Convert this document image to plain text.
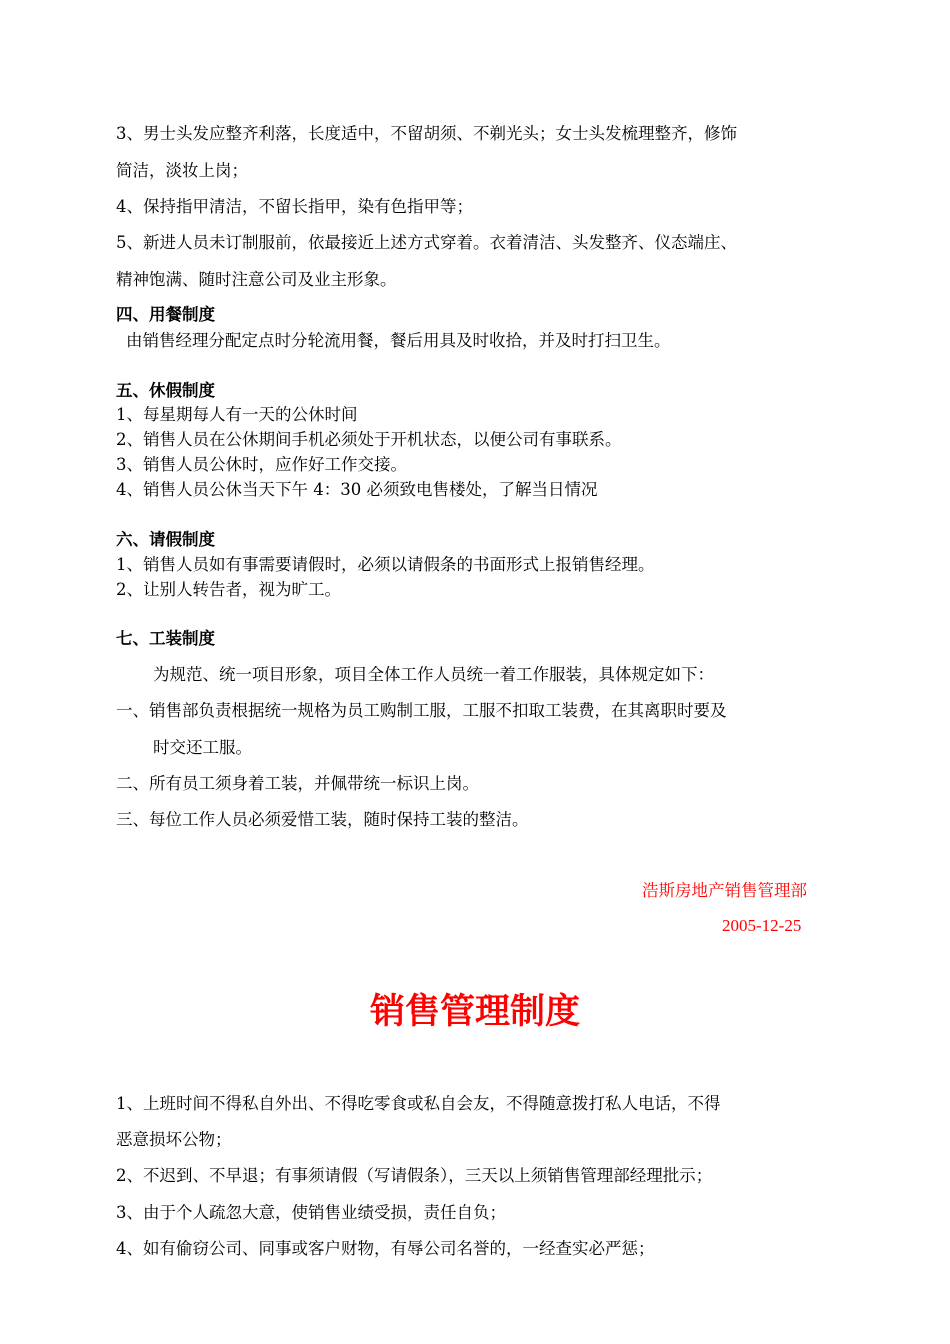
3、男士头发应整齐利落，长度适中，不留胡须、不剃光头；女士头发梳理整齐，修饰
简洁，淡妆上岗；
4、保持指甲清洁，不留长指甲，染有色指甲等；
5、新进人员未订制服前，依最接近上述方式穿着。衣着清洁、头发整齐、仪态端庄、
精神饱满、随时注意公司及业主形象。
四、用餐制度
由销售经理分配定点时分轮流用餐，餐后用具及时收拾，并及时打扫卫生。
五、休假制度
1、每星期每人有一天的公休时间
2、销售人员在公休期间手机必须处于开机状态，以便公司有事联系。
3、销售人员公休时，应作好工作交接。
4、销售人员公休当天下午 4：30 必须致电售楼处，了解当日情况
六、请假制度
1、销售人员如有事需要请假时，必须以请假条的书面形式上报销售经理。
2、让别人转告者，视为旷工。
七、工装制度
为规范、统一项目形象，项目全体工作人员统一着工作服装，具体规定如下：
一、销售部负责根据统一规格为员工购制工服，工服不扣取工装费，在其离职时要及
时交还工服。
二、所有员工须身着工装，并佩带统一标识上岗。
三、每位工作人员必须爱惜工装，随时保持工装的整洁。
浩斯房地产销售管理部
2005-12-25
销售管理制度
1、上班时间不得私自外出、不得吃零食或私自会友，不得随意拨打私人电话，不得
恶意损坏公物；
2、不迟到、不早退；有事须请假（写请假条），三天以上须销售管理部经理批示；
3、由于个人疏忽大意，使销售业绩受损，责任自负；
4、如有偷窃公司、同事或客户财物，有辱公司名誉的，一经查实必严惩；
